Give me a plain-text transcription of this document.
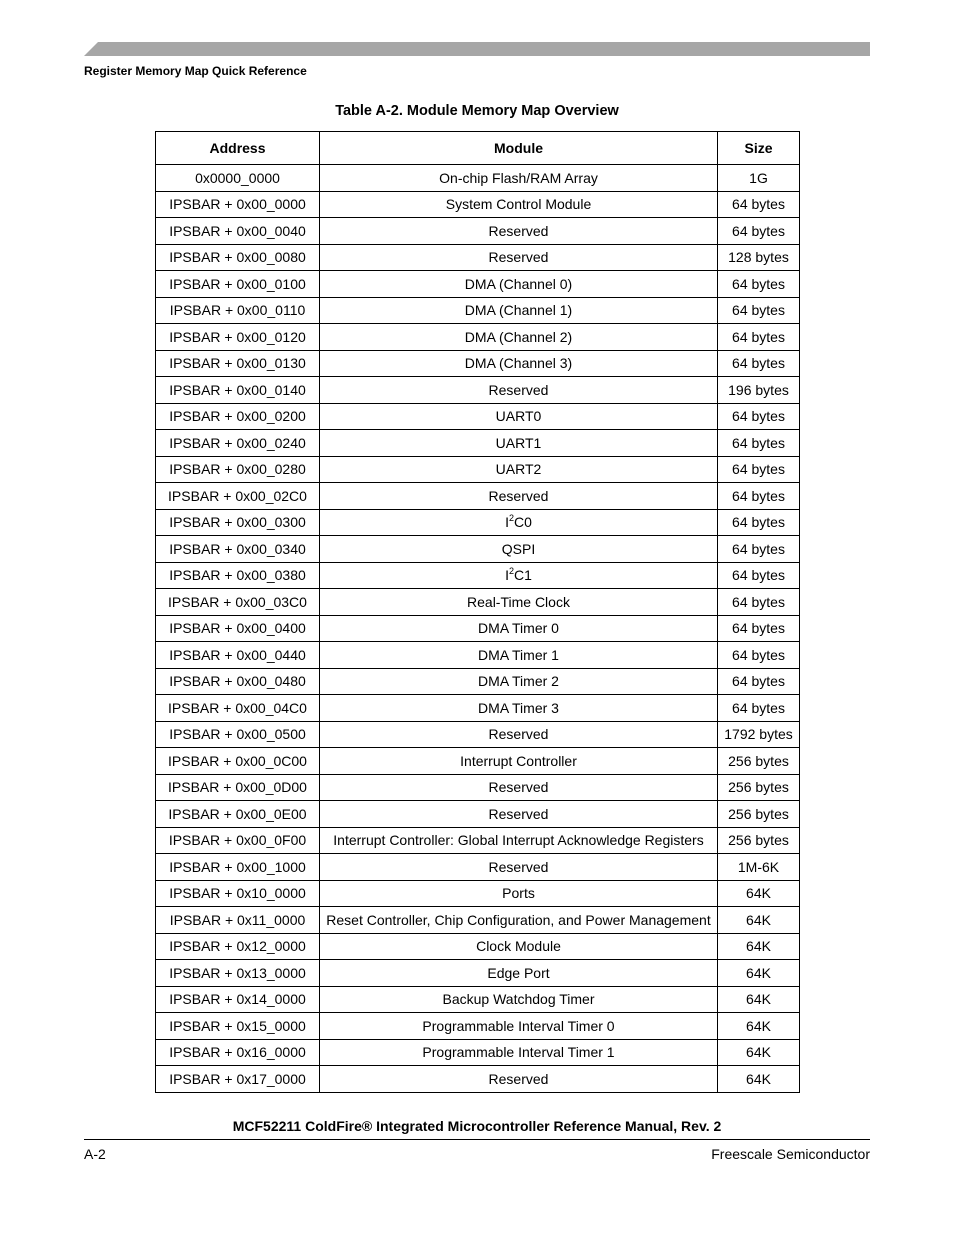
Register Memory Map Quick Reference
Table A-2. Module Memory Map Overview
Address	Module	Size
0x0000_0000	On-chip Flash/RAM Array	1G
IPSBAR + 0x00_0000	System Control Module	64 bytes
IPSBAR + 0x00_0040	Reserved	64 bytes
IPSBAR + 0x00_0080	Reserved	128 bytes
IPSBAR + 0x00_0100	DMA (Channel 0)	64 bytes
IPSBAR + 0x00_0110	DMA (Channel 1)	64 bytes
IPSBAR + 0x00_0120	DMA (Channel 2)	64 bytes
IPSBAR + 0x00_0130	DMA (Channel 3)	64 bytes
IPSBAR + 0x00_0140	Reserved	196 bytes
IPSBAR + 0x00_0200	UART0	64 bytes
IPSBAR + 0x00_0240	UART1	64 bytes
IPSBAR + 0x00_0280	UART2	64 bytes
IPSBAR + 0x00_02C0	Reserved	64 bytes
IPSBAR + 0x00_0300	$I^2C0$	64 bytes
IPSBAR + 0x00_0340	QSPI	64 bytes
IPSBAR + 0x00_0380	$I^2C1$	64 bytes
IPSBAR + 0x00_03C0	Real-Time Clock	64 bytes
IPSBAR + 0x00_0400	DMA Timer 0	64 bytes
IPSBAR + 0x00_0440	DMA Timer 1	64 bytes
IPSBAR + 0x00_0480	DMA Timer 2	64 bytes
IPSBAR + 0x00_04C0	DMA Timer 3	64 bytes
IPSBAR + 0x00_0500	Reserved	1792 bytes
IPSBAR + 0x00_0C00	Interrupt Controller	256 bytes
IPSBAR + 0x00_0D00	Reserved	256 bytes
IPSBAR + 0x00_0E00	Reserved	256 bytes
IPSBAR + 0x00_0F00	Interrupt Controller: Global Interrupt Acknowledge Registers	256 bytes
IPSBAR + 0x00_1000	Reserved	1M-6K
IPSBAR + 0x10_0000	Ports	64K
IPSBAR + 0x11_0000	Reset Controller, Chip Configuration, and Power Management	64K
IPSBAR + 0x12_0000	Clock Module	64K
IPSBAR + 0x13_0000	Edge Port	64K
IPSBAR + 0x14_0000	Backup Watchdog Timer	64K
IPSBAR + 0x15_0000	Programmable Interval Timer 0	64K
IPSBAR + 0x16_0000	Programmable Interval Timer 1	64K
IPSBAR + 0x17_0000	Reserved	64K
MCF52211 ColdFire® Integrated Microcontroller Reference Manual, Rev. 2
A-2	Freescale Semiconductor
